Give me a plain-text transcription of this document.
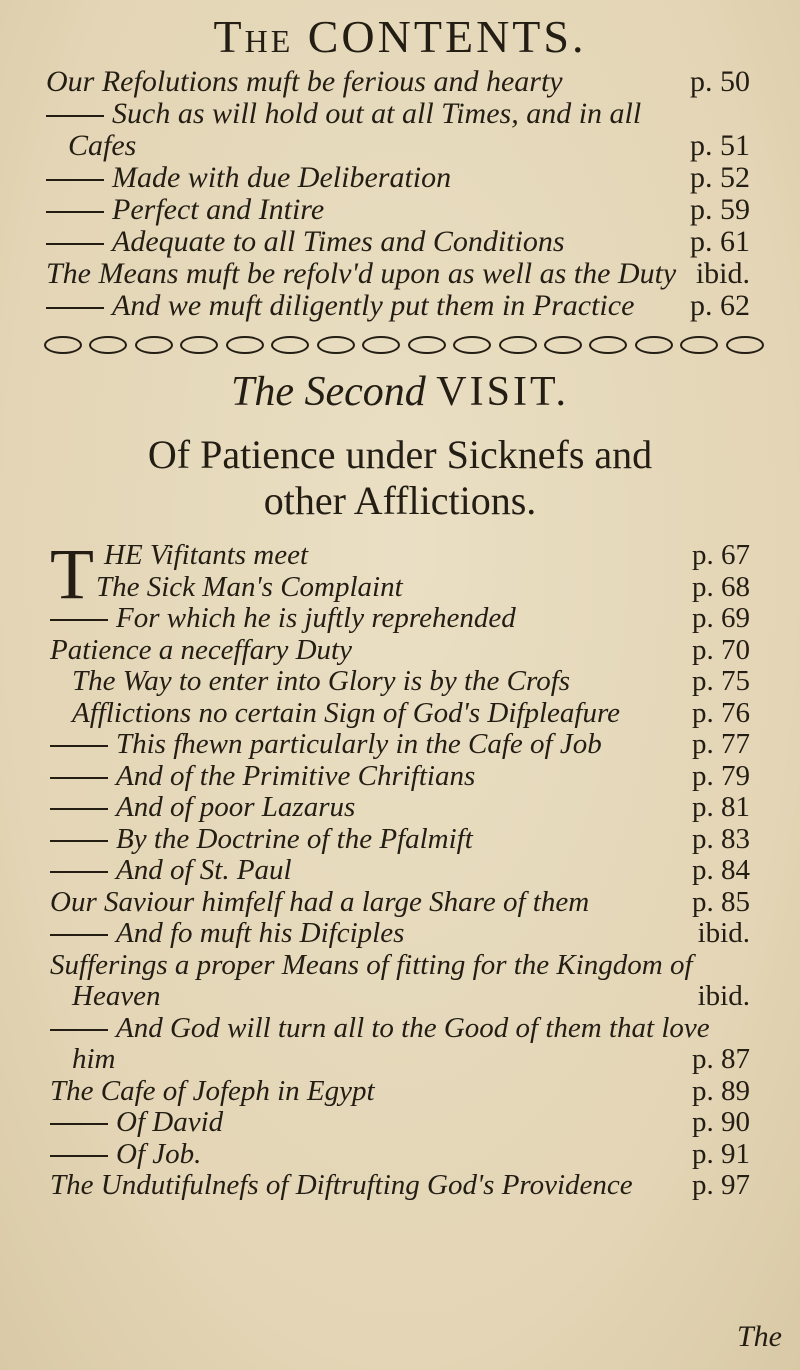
The CONTENTS.
Our Refolutions muft be ferious and hearty	p. 50
Such as will hold out at all Times, and in all
Cafes	p. 51
Made with due Deliberation	p. 52
Perfect and Intire	p. 59
Adequate to all Times and Conditions	p. 61
The Means muft be refolv'd upon as well as the Duty ibid.
And we muft diligently put them in Practice p. 62
The Second VISIT.
Of Patience under Sicknefs and
other Afflictions.
T HE Vifitants meet	p. 67
The Sick Man's Complaint	p. 68
For which he is juftly reprehended	p. 69
Patience a neceffary Duty	p. 70
The Way to enter into Glory is by the Crofs	p. 75
Afflictions no certain Sign of God's Difpleafure p. 76
This fhewn particularly in the Cafe of Job	p. 77
And of the Primitive Chriftians	p. 79
And of poor Lazarus	p. 81
By the Doctrine of the Pfalmift	p. 83
And of St. Paul	p. 84
Our Saviour himfelf had a large Share of them	p. 85
And fo muft his Difciples	ibid.
Sufferings a proper Means of fitting for the Kingdom of
Heaven	ibid.
And God will turn all to the Good of them that love
him	p. 87
The Cafe of Jofeph in Egypt	p. 89
Of David	p. 90
Of Job.	p. 91
The Undutifulnefs of Diftrufting God's Providence p. 97
The
